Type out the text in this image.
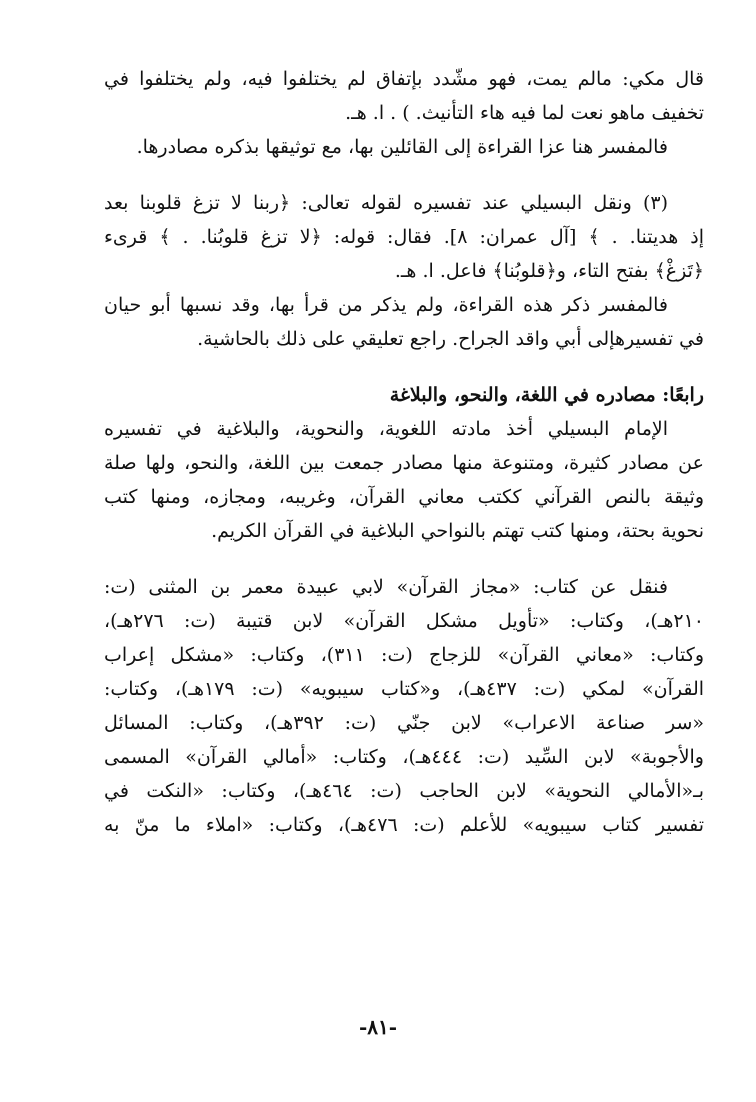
قال مكي: مالم يمت، فهو مشّدد بإتفاق لم يختلفوا فيه، ولم يختلفوا في
تخفيف ماهو نعت لما فيه هاء التأنيث. ) . ا. هـ.
فالمفسر هنا عزا القراءة إلى القائلين بها، مع توثيقها بذكره مصادرها.
(٣) ونقل البسيلي عند تفسيره لقوله تعالى: ﴿ربنا لا تزغ قلوبنا بعد
إذ هديتنا. . ﴾ [آل عمران: ٨]. فقال: قوله: ﴿لا تزغ قلوبُنا. . ﴾ قرىء
﴿تَزغْ﴾ بفتح التاء، و﴿قلوبُنا﴾ فاعل. ا. هـ.
فالمفسر ذكر هذه القراءة، ولم يذكر من قرأ بها، وقد نسبها أبو حيان
في تفسيرهإلى أبي واقد الجراح. راجع تعليقي على ذلك بالحاشية.
رابعًا: مصادره في اللغة، والنحو، والبلاغة
الإمام البسيلي أخذ مادته اللغوية، والنحوية، والبلاغية في تفسيره
عن مصادر كثيرة، ومتنوعة منها مصادر جمعت بين اللغة، والنحو، ولها صلة
وثيقة بالنص القرآني ككتب معاني القرآن، وغريبه، ومجازه، ومنها كتب
نحوية بحتة، ومنها كتب تهتم بالنواحي البلاغية في القرآن الكريم.
فنقل عن كتاب: «مجاز القرآن» لابي عبيدة معمر بن المثنى (ت:
٢١٠هـ)، وكتاب: «تأويل مشكل القرآن» لابن قتيبة (ت: ٢٧٦هـ)،
وكتاب: «معاني القرآن» للزجاج (ت: ٣١١)، وكتاب: «مشكل إعراب
القرآن» لمكي (ت: ٤٣٧هـ)، و«كتاب سيبويه» (ت: ١٧٩هـ)، وكتاب:
«سر صناعة الاعراب» لابن جنّي (ت: ٣٩٢هـ)، وكتاب: المسائل
والأجوبة» لابن السِّيد (ت: ٤٤٤هـ)، وكتاب: «أمالي القرآن» المسمى
بـ«الأمالي النحوية» لابن الحاجب (ت: ٤٦٤هـ)، وكتاب: «النكت في
تفسير كتاب سيبويه» للأعلم (ت: ٤٧٦هـ)، وكتاب: «املاء ما منّ به
-٨١-
